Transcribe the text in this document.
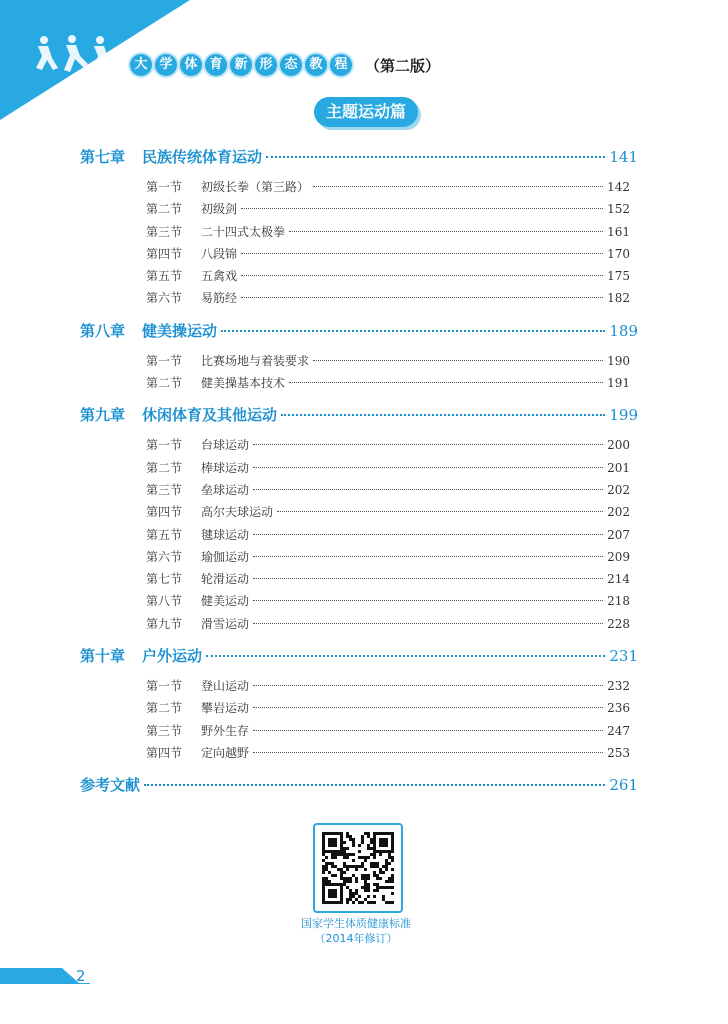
大 学 体 育 新 形 态 教 程	（第二版）
主题运动篇
第七章	民族传统体育运动	141
第一节	初级长拳（第三路）	142
第二节	初级剑	152
第三节	二十四式太极拳	161
第四节	八段锦	170
第五节	五禽戏	175
第六节	易筋经	182
第八章	健美操运动	189
第一节	比赛场地与着装要求	190
第二节	健美操基本技术	191
第九章	休闲体育及其他运动	199
第一节	台球运动	200
第二节	棒球运动	201
第三节	垒球运动	202
第四节	高尔夫球运动	202
第五节	毽球运动	207
第六节	瑜伽运动	209
第七节	轮滑运动	214
第八节	健美运动	218
第九节	滑雪运动	228
第十章	户外运动	231
第一节	登山运动	232
第二节	攀岩运动	236
第三节	野外生存	247
第四节	定向越野	253
参考文献	261
国家学生体质健康标准
（2014年修订）
2
